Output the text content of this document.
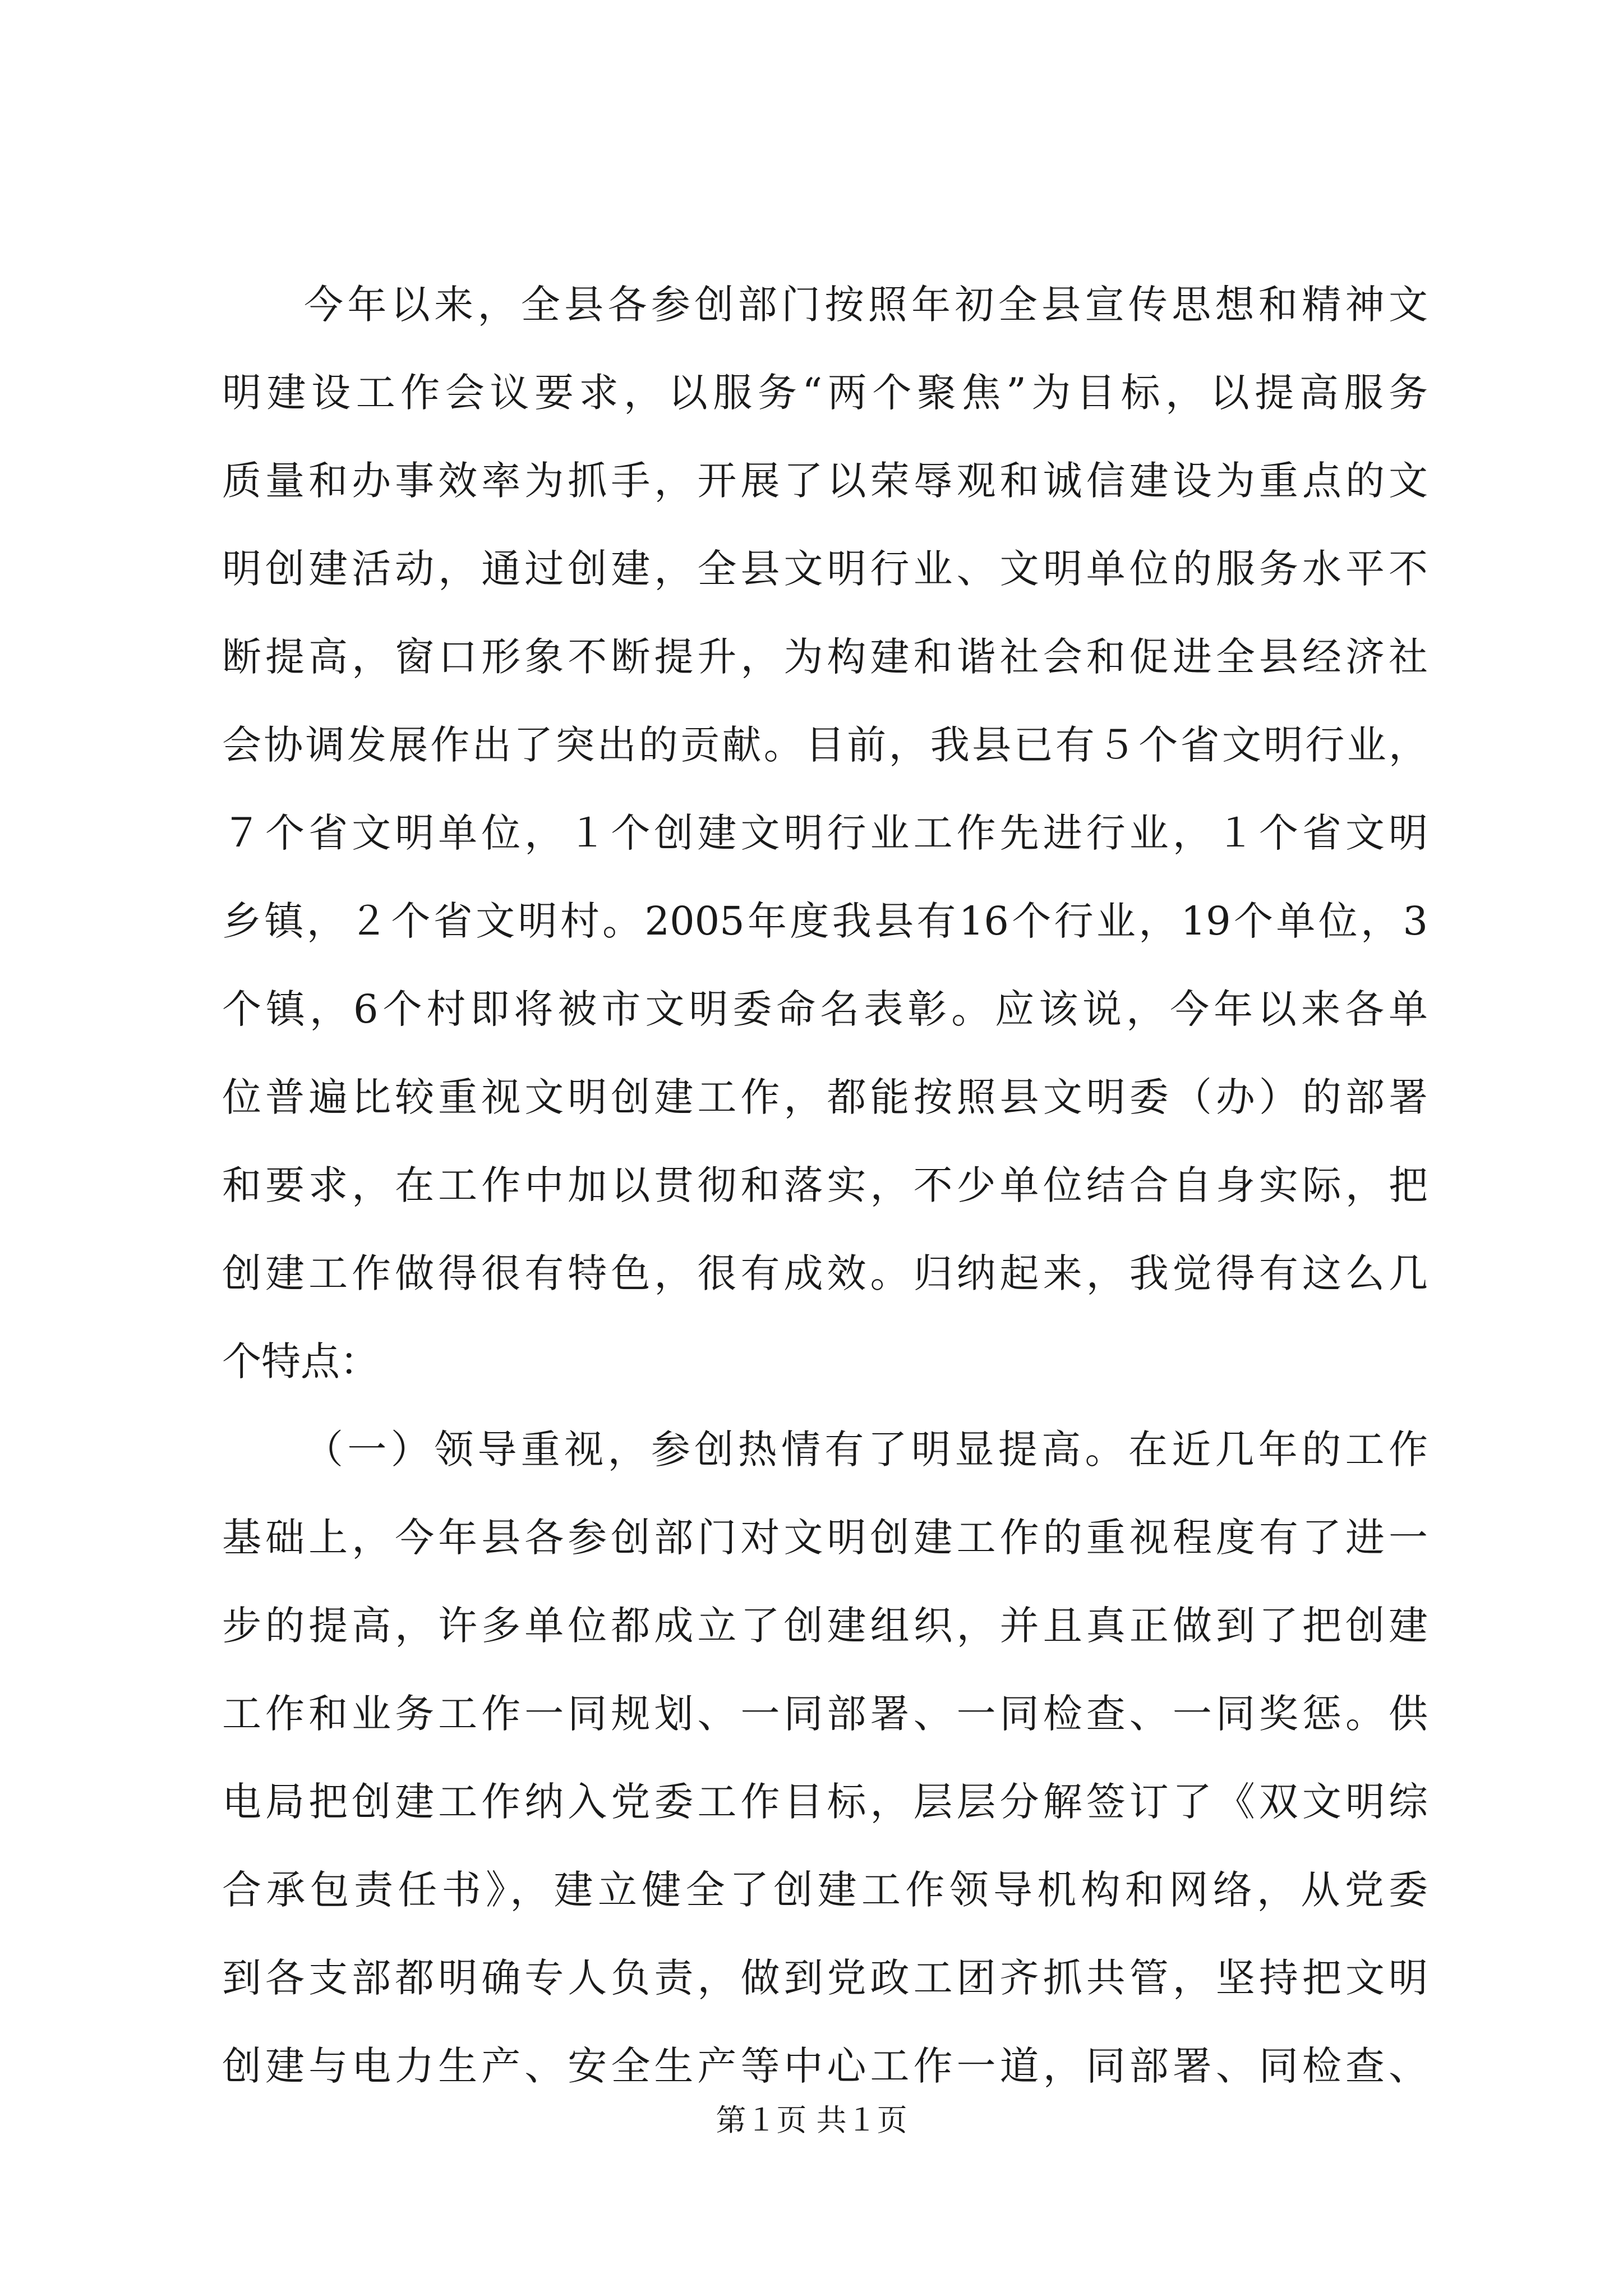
今年以来，全县各参创部门按照年初全县宣传思想和精神文
明建设工作会议要求，以服务“两个聚焦”为目标，以提高服务
质量和办事效率为抓手，开展了以荣辱观和诚信建设为重点的文
明创建活动，通过创建，全县文明行业、文明单位的服务水平不
断提高，窗口形象不断提升，为构建和谐社会和促进全县经济社
会协调发展作出了突出的贡献。目前，我县已有５个省文明行业，
７个省文明单位，１个创建文明行业工作先进行业，１个省文明
乡镇，２个省文明村。2005年度我县有16个行业，19个单位，3
个镇，6个村即将被市文明委命名表彰。应该说，今年以来各单
位普遍比较重视文明创建工作，都能按照县文明委（办）的部署
和要求，在工作中加以贯彻和落实，不少单位结合自身实际，把
创建工作做得很有特色，很有成效。归纳起来，我觉得有这么几
个特点：
（一）领导重视，参创热情有了明显提高。在近几年的工作
基础上，今年县各参创部门对文明创建工作的重视程度有了进一
步的提高，许多单位都成立了创建组织，并且真正做到了把创建
工作和业务工作一同规划、一同部署、一同检查、一同奖惩。供
电局把创建工作纳入党委工作目标，层层分解签订了《双文明综
合承包责任书》，建立健全了创建工作领导机构和网络，从党委
到各支部都明确专人负责，做到党政工团齐抓共管，坚持把文明
创建与电力生产、安全生产等中心工作一道，同部署、同检查、
第１页 共１页
